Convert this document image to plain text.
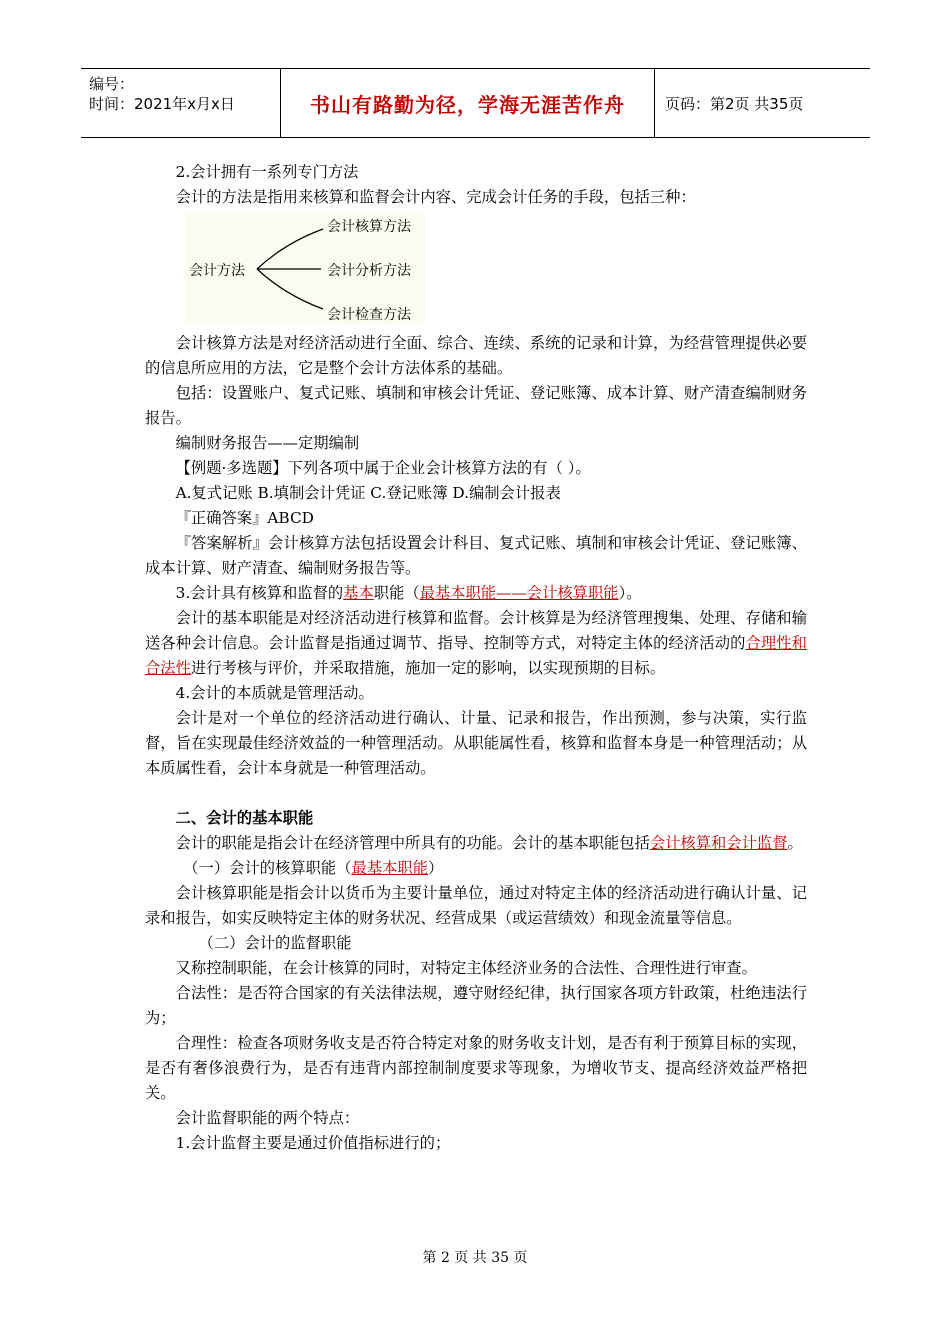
编号：
时间：2021年x月x日	书山有路勤为径，学海无涯苦作舟	页码：第2页 共35页

2.会计拥有一系列专门方法

会计的方法是指用来核算和监督会计内容、完成会计任务的手段，包括三种：

会计方法
会计核算方法
会计分析方法
会计检查方法

会计核算方法是对经济活动进行全面、综合、连续、系统的记录和计算，为经营管理提供必要的信息所应用的方法，它是整个会计方法体系的基础。

包括：设置账户、复式记账、填制和审核会计凭证、登记账簿、成本计算、财产清查编制财务报告。

编制财务报告——定期编制

【例题·多选题】下列各项中属于企业会计核算方法的有（ ）。

A.复式记账 B.填制会计凭证 C.登记账簿 D.编制会计报表

『正确答案』ABCD

『答案解析』会计核算方法包括设置会计科目、复式记账、填制和审核会计凭证、登记账簿、成本计算、财产清查、编制财务报告等。

3.会计具有核算和监督的基本职能（最基本职能——会计核算职能）。

会计的基本职能是对经济活动进行核算和监督。会计核算是为经济管理搜集、处理、存储和输送各种会计信息。会计监督是指通过调节、指导、控制等方式，对特定主体的经济活动的合理性和合法性进行考核与评价，并采取措施，施加一定的影响，以实现预期的目标。

4.会计的本质就是管理活动。

会计是对一个单位的经济活动进行确认、计量、记录和报告，作出预测，参与决策，实行监督，旨在实现最佳经济效益的一种管理活动。从职能属性看，核算和监督本身是一种管理活动；从本质属性看，会计本身就是一种管理活动。

二、会计的基本职能

会计的职能是指会计在经济管理中所具有的功能。会计的基本职能包括会计核算和会计监督。

（一）会计的核算职能（最基本职能）

会计核算职能是指会计以货币为主要计量单位，通过对特定主体的经济活动进行确认计量、记录和报告，如实反映特定主体的财务状况、经营成果（或运营绩效）和现金流量等信息。

（二）会计的监督职能

又称控制职能，在会计核算的同时，对特定主体经济业务的合法性、合理性进行审查。

合法性：是否符合国家的有关法律法规，遵守财经纪律，执行国家各项方针政策，杜绝违法行为；

合理性：检查各项财务收支是否符合特定对象的财务收支计划，是否有利于预算目标的实现，是否有奢侈浪费行为，是否有违背内部控制制度要求等现象，为增收节支、提高经济效益严格把关。

会计监督职能的两个特点：

1.会计监督主要是通过价值指标进行的；

第 2 页 共 35 页
